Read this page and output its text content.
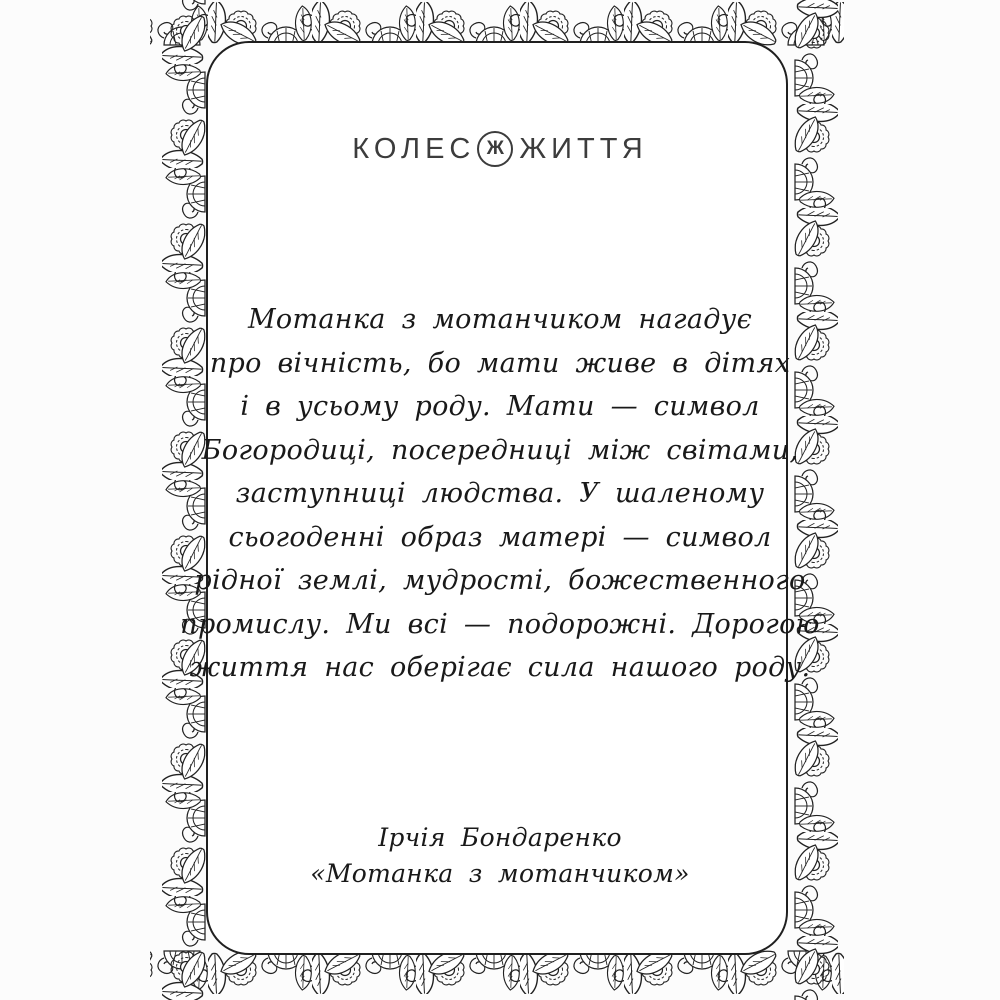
КОЛЕС Ж ЖИТТЯ
Мотанка з мотанчиком нагадує
про вічність, бо мати живе в дітях
і в усьому роду. Мати — символ
Богородиці, посередниці між світами,
заступниці людства. У шаленому
сьогоденні образ матері — символ
рідної землі, мудрості, божественного
промислу. Ми всі — подорожні. Дорогою
життя нас оберігає сила нашого роду.
Ірчія Бондаренко
«Мотанка з мотанчиком»
